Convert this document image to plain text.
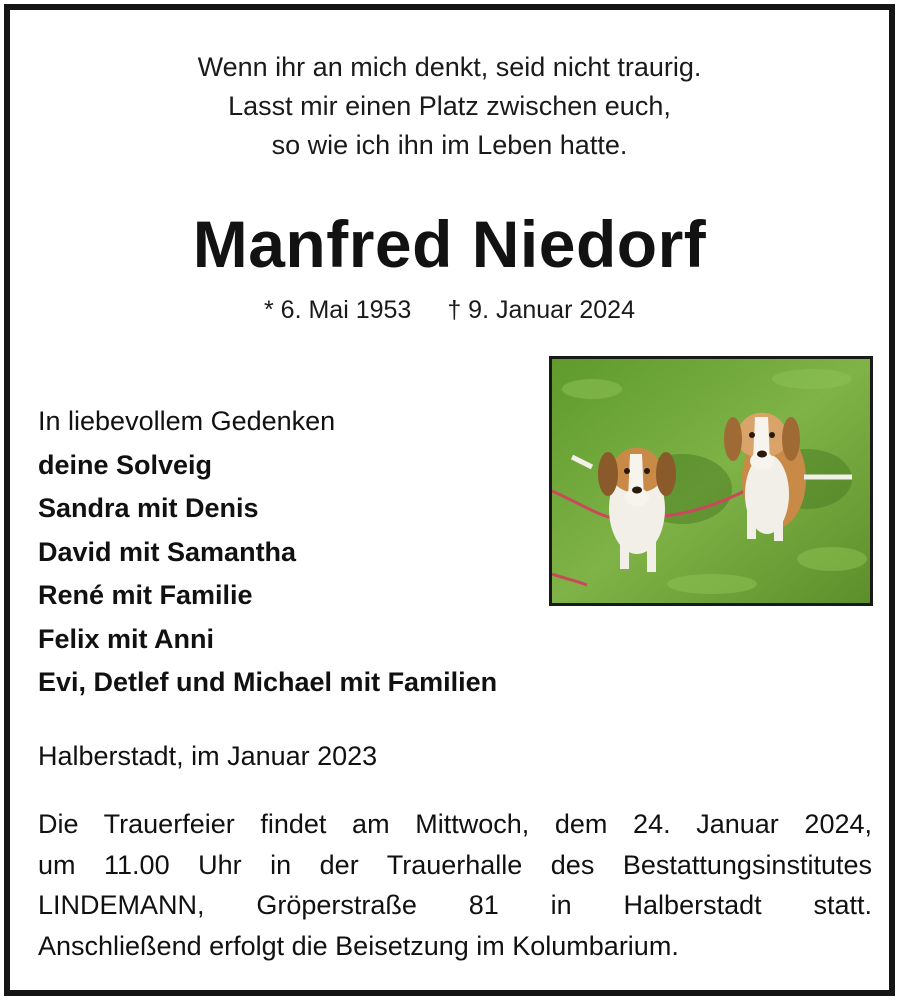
Wenn ihr an mich denkt, seid nicht traurig.
Lasst mir einen Platz zwischen euch,
so wie ich ihn im Leben hatte.
Manfred Niedorf
* 6. Mai 1953 † 9. Januar 2024
In liebevollem Gedenken
deine Solveig
Sandra mit Denis
David mit Samantha
René mit Familie
Felix mit Anni
Evi, Detlef und Michael mit Familien
Halberstadt, im Januar 2023
Die Trauerfeier findet am Mittwoch, dem 24. Januar 2024,
um 11.00 Uhr in der Trauerhalle des Bestattungsinstitutes
LINDEMANN, Gröperstraße 81 in Halberstadt statt.
Anschließend erfolgt die Beisetzung im Kolumbarium.
